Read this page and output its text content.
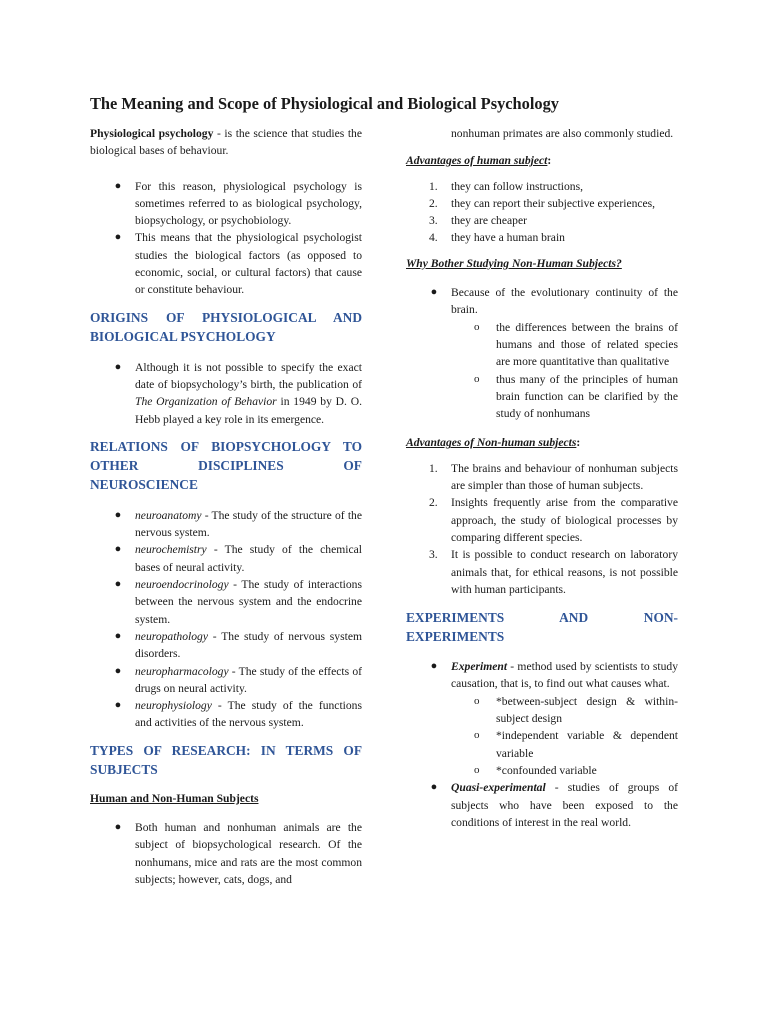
The Meaning and Scope of Physiological and Biological Psychology

Physiological psychology - is the science that studies the biological bases of behaviour.

● For this reason, physiological psychology is sometimes referred to as biological psychology, biopsychology, or psychobiology.
● This means that the physiological psychologist studies the biological factors (as opposed to economic, social, or cultural factors) that cause or constitute behaviour.
ORIGINS OF PHYSIOLOGICAL AND
BIOLOGICAL PSYCHOLOGY
● Although it is not possible to specify the exact date of biopsychology’s birth, the publication of The Organization of Behavior in 1949 by D. O. Hebb played a key role in its emergence.
RELATIONS OF BIOPSYCHOLOGY TO
OTHER DISCIPLINES OF
NEUROSCIENCE
● neuroanatomy - The study of the structure of the nervous system.
● neurochemistry - The study of the chemical bases of neural activity.
● neuroendocrinology - The study of interactions between the nervous system and the endocrine system.
● neuropathology - The study of nervous system disorders.
● neuropharmacology - The study of the effects of drugs on neural activity.
● neurophysiology - The study of the functions and activities of the nervous system.
TYPES OF RESEARCH: IN TERMS OF
SUBJECTS

Human and Non-Human Subjects

● Both human and nonhuman animals are the subject of biopsychological research. Of the nonhumans, mice and rats are the most common subjects; however, cats, dogs, and

nonhuman primates are also commonly studied.

Advantages of human subject:

1. they can follow instructions,
2. they can report their subjective experiences,
3. they are cheaper
4. they have a human brain

Why Bother Studying Non-Human Subjects?

● Because of the evolutionary continuity of the brain.
o the differences between the brains of humans and those of related species are more quantitative than qualitative
o thus many of the principles of human brain function can be clarified by the study of nonhumans

Advantages of Non-human subjects:

1. The brains and behaviour of nonhuman subjects are simpler than those of human subjects.
2. Insights frequently arise from the comparative approach, the study of biological processes by comparing different species.
3. It is possible to conduct research on laboratory animals that, for ethical reasons, is not possible with human participants.
EXPERIMENTS AND NON-
EXPERIMENTS
● Experiment - method used by scientists to study causation, that is, to find out what causes what.
o *between-subject design & within-subject design
o *independent variable & dependent variable
o *confounded variable
● Quasi-experimental - studies of groups of subjects who have been exposed to the conditions of interest in the real world.
